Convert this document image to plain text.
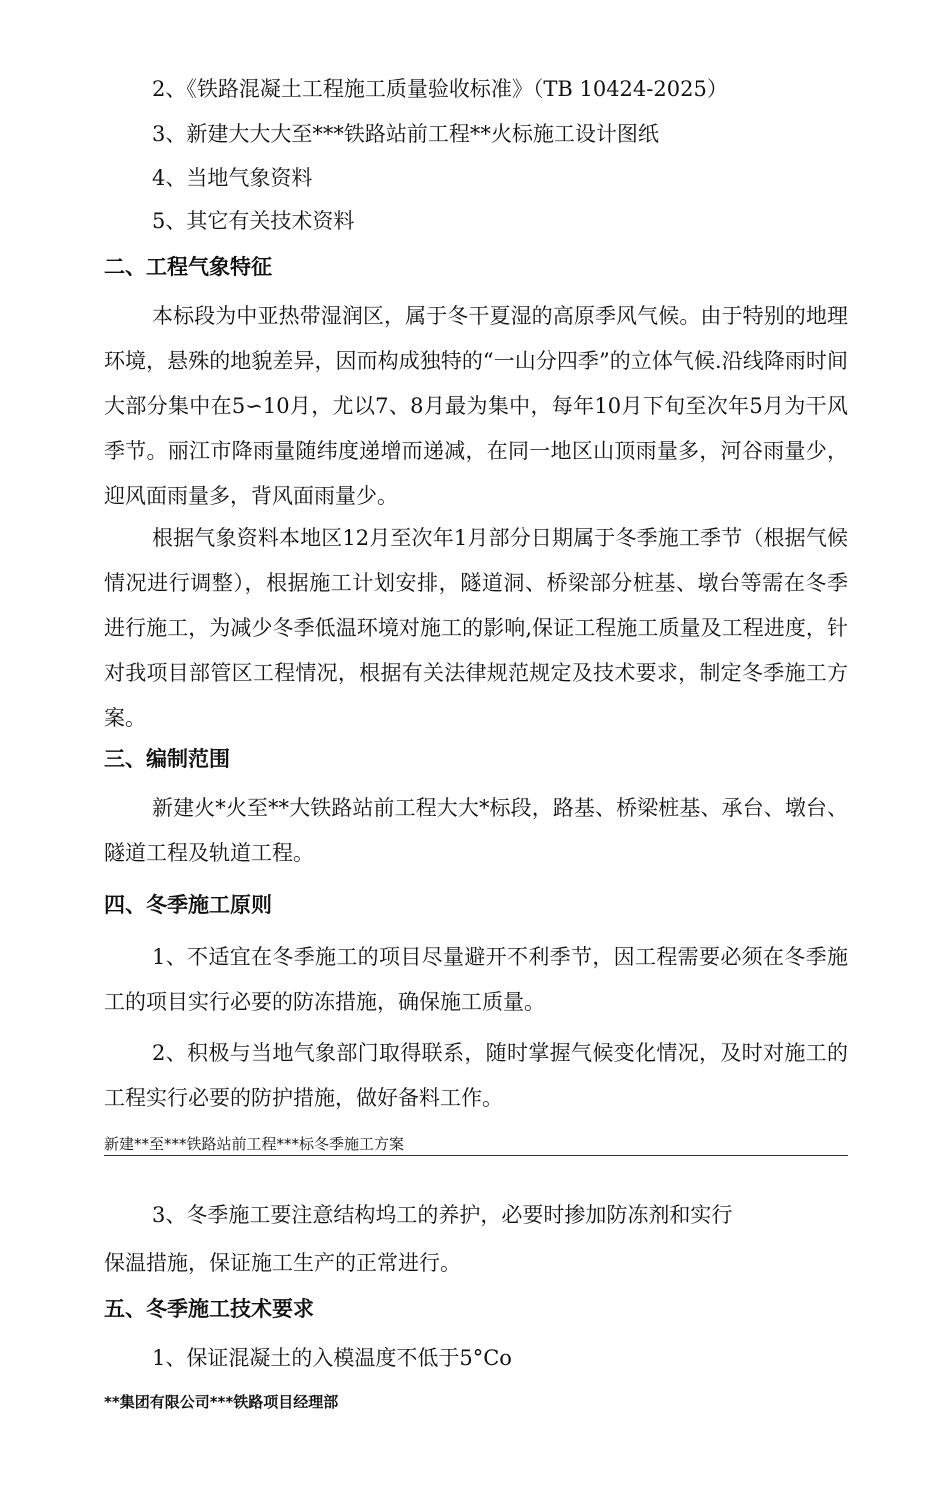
2、《铁路混凝土工程施工质量验收标准》（TB 10424-2025）

3、新建大大大至***铁路站前工程**火标施工设计图纸

4、当地气象资料

5、其它有关技术资料

二、工程气象特征

本标段为中亚热带湿润区，属于冬干夏湿的高原季风气候。由于特别的地理环境，悬殊的地貌差异，因而构成独特的“一山分四季”的立体气候.沿线降雨时间大部分集中在5∽10月，尤以7、8月最为集中，每年10月下旬至次年5月为干风季节。丽江市降雨量随纬度递增而递减，在同一地区山顶雨量多，河谷雨量少，迎风面雨量多，背风面雨量少。

根据气象资料本地区12月至次年1月部分日期属于冬季施工季节（根据气候情况进行调整），根据施工计划安排，隧道洞、桥梁部分桩基、墩台等需在冬季进行施工，为减少冬季低温环境对施工的影响,保证工程施工质量及工程进度，针对我项目部管区工程情况，根据有关法律规范规定及技术要求，制定冬季施工方案。

三、编制范围

新建火*火至**大铁路站前工程大大*标段，路基、桥梁桩基、承台、墩台、隧道工程及轨道工程。

四、冬季施工原则

1、不适宜在冬季施工的项目尽量避开不利季节，因工程需要必须在冬季施工的项目实行必要的防冻措施，确保施工质量。

2、积极与当地气象部门取得联系，随时掌握气候变化情况，及时对施工的工程实行必要的防护措施，做好备料工作。

新建**至***铁路站前工程***标冬季施工方案

3、冬季施工要注意结构坞工的养护，必要时掺加防冻剂和实行

保温措施，保证施工生产的正常进行。

五、冬季施工技术要求

1、保证混凝土的入模温度不低于5°Co

**集团有限公司***铁路项目经理部
